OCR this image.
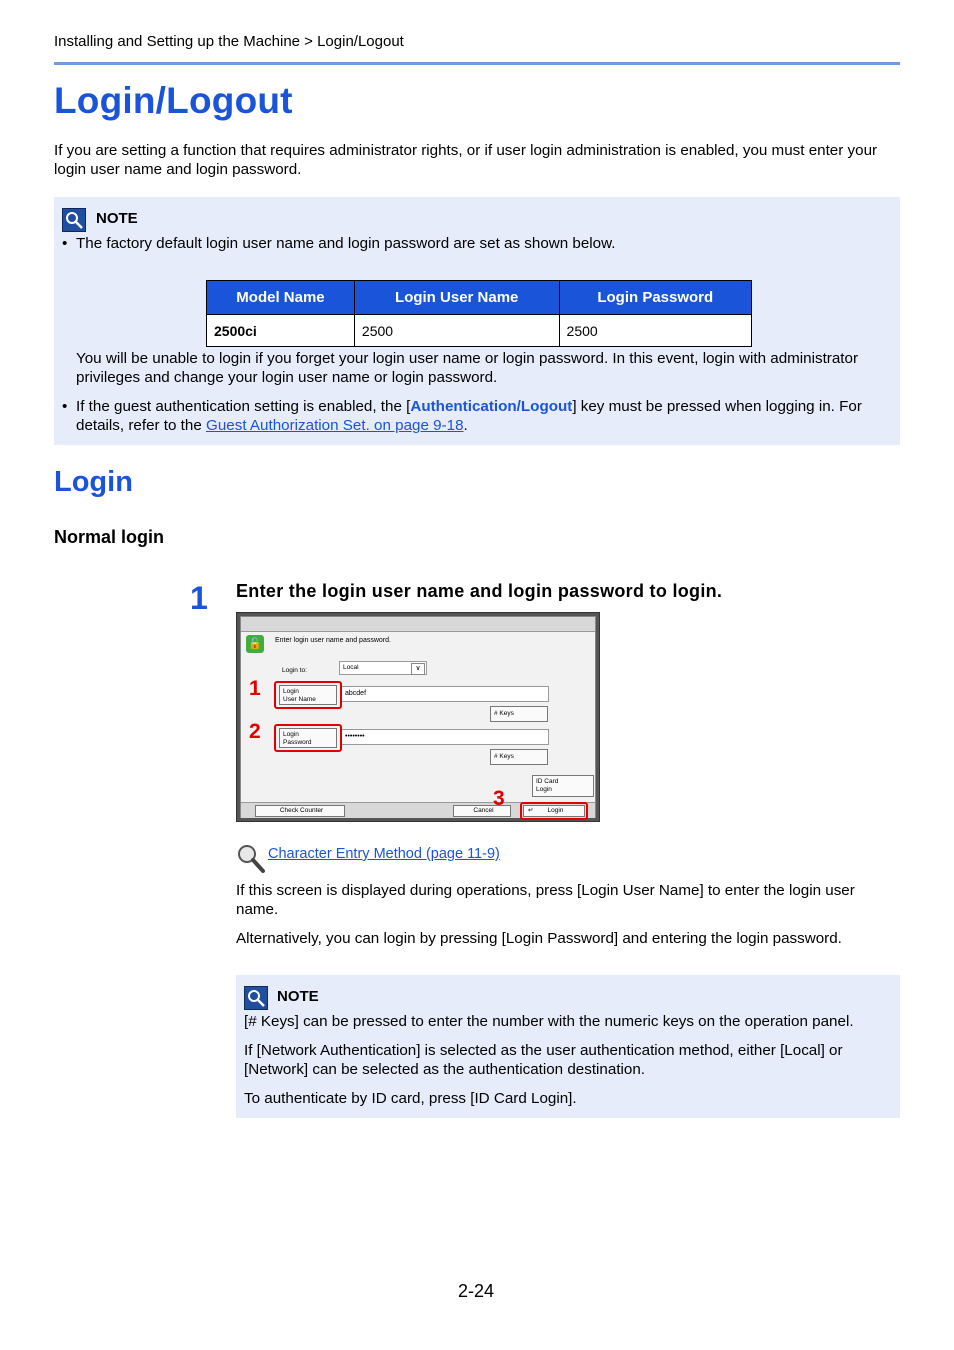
Installing and Setting up the Machine > Login/Logout
Login/Logout
If you are setting a function that requires administrator rights, or if user login administration is enabled, you must enter your login user name and login password.
NOTE
• The factory default login user name and login password are set as shown below.
You will be unable to login if you forget your login user name or login password. In this event, login with administrator privileges and change your login user name or login password.
• If the guest authentication setting is enabled, the [Authentication/Logout] key must be pressed when logging in. For details, refer to the Guest Authorization Set. on page 9-18.
Model Name	Login User Name	Login Password
2500ci	2500	2500
Login
Normal login
1 Enter the login user name and login password to login.
🔓	Enter login user name and password.
Login to:	Local	∨
Login
User Name
abcdef
# Keys
Login
Password
••••••••
# Keys
ID Card
Login
Check Counter	Cancel	↵ Login
1
2
3
Character Entry Method (page 11-9)
If this screen is displayed during operations, press [Login User Name] to enter the login user name.
Alternatively, you can login by pressing [Login Password] and entering the login password.
NOTE
[# Keys] can be pressed to enter the number with the numeric keys on the operation panel.
If [Network Authentication] is selected as the user authentication method, either [Local] or [Network] can be selected as the authentication destination.
To authenticate by ID card, press [ID Card Login].
2-24
